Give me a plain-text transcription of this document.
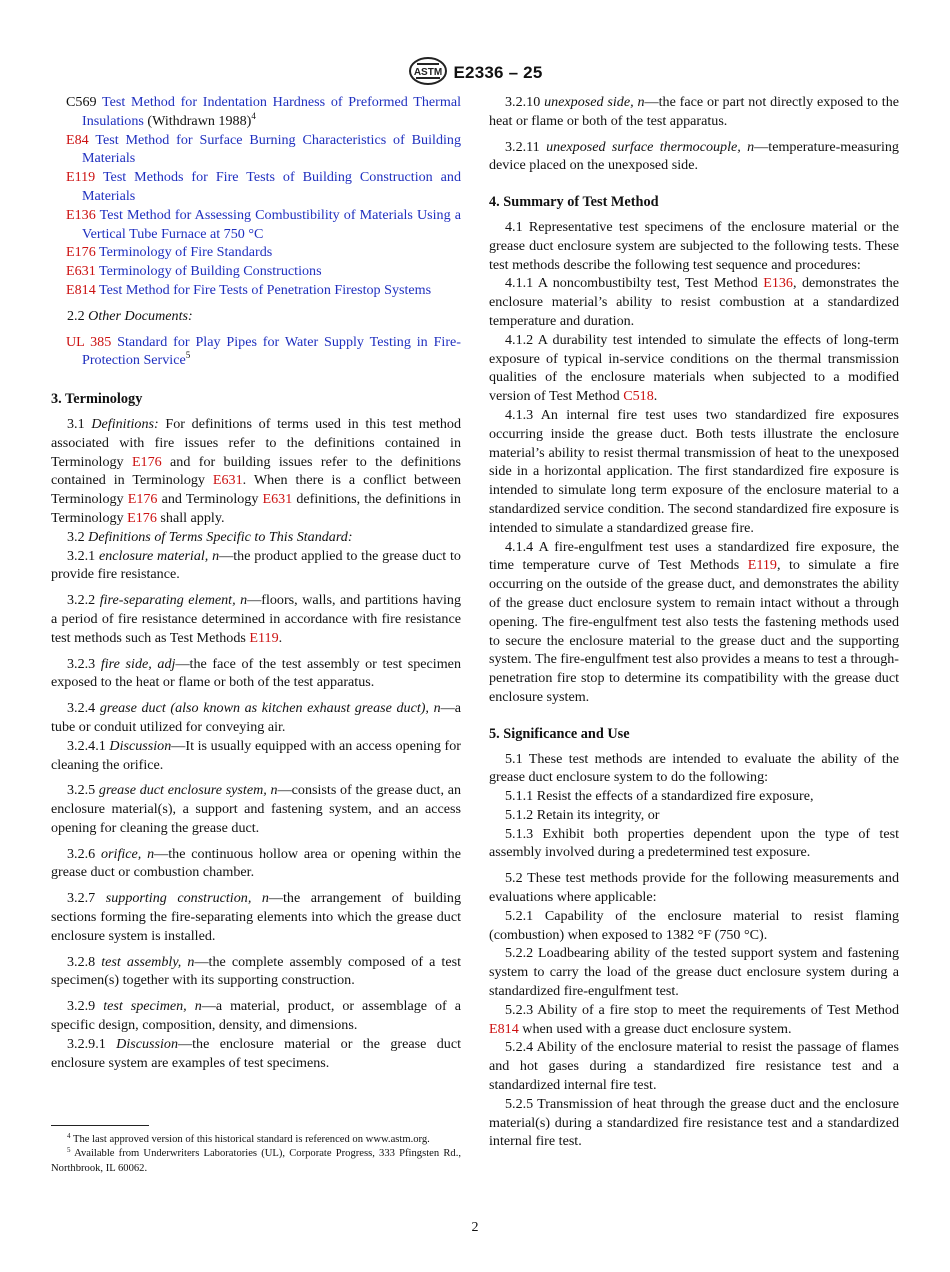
ASTM E2336 – 25

C569 Test Method for Indentation Hardness of Preformed Thermal Insulations (Withdrawn 1988)$^4$

E84 Test Method for Surface Burning Characteristics of Building Materials

E119 Test Methods for Fire Tests of Building Construction and Materials

E136 Test Method for Assessing Combustibility of Materials Using a Vertical Tube Furnace at 750 °C

E176 Terminology of Fire Standards

E631 Terminology of Building Constructions

E814 Test Method for Fire Tests of Penetration Firestop Systems

2.2 Other Documents:

UL 385 Standard for Play Pipes for Water Supply Testing in Fire-Protection Service$^5$

3. Terminology

3.1 Definitions: For definitions of terms used in this test method associated with fire issues refer to the definitions contained in Terminology E176 and for building issues refer to the definitions contained in Terminology E631. When there is a conflict between Terminology E176 and Terminology E631 definitions, the definitions in Terminology E176 shall apply.

3.2 Definitions of Terms Specific to This Standard:

3.2.1 enclosure material, n—the product applied to the grease duct to provide fire resistance.

3.2.2 fire-separating element, n—floors, walls, and partitions having a period of fire resistance determined in accordance with fire resistance test methods such as Test Methods E119.

3.2.3 fire side, adj—the face of the test assembly or test specimen exposed to the heat or flame or both of the test apparatus.

3.2.4 grease duct (also known as kitchen exhaust grease duct), n—a tube or conduit utilized for conveying air.

3.2.4.1 Discussion—It is usually equipped with an access opening for cleaning the orifice.

3.2.5 grease duct enclosure system, n—consists of the grease duct, an enclosure material(s), a support and fastening system, and an access opening for cleaning the grease duct.

3.2.6 orifice, n—the continuous hollow area or opening within the grease duct or combustion chamber.

3.2.7 supporting construction, n—the arrangement of building sections forming the fire-separating elements into which the grease duct enclosure system is installed.

3.2.8 test assembly, n—the complete assembly composed of a test specimen(s) together with its supporting construction.

3.2.9 test specimen, n—a material, product, or assemblage of a specific design, composition, density, and dimensions.

3.2.9.1 Discussion—the enclosure material or the grease duct enclosure system are examples of test specimens.

$^4$ The last approved version of this historical standard is referenced on www.astm.org.

$^5$ Available from Underwriters Laboratories (UL), Corporate Progress, 333 Pfingsten Rd., Northbrook, IL 60062.

3.2.10 unexposed side, n—the face or part not directly exposed to the heat or flame or both of the test apparatus.

3.2.11 unexposed surface thermocouple, n—temperature-measuring device placed on the unexposed side.

4. Summary of Test Method

4.1 Representative test specimens of the enclosure material or the grease duct enclosure system are subjected to the following tests. These test methods describe the following test sequence and procedures:

4.1.1 A noncombustibilty test, Test Method E136, demonstrates the enclosure material’s ability to resist combustion at a standardized temperature and duration.

4.1.2 A durability test intended to simulate the effects of long-term exposure of typical in-service conditions on the thermal transmission qualities of the enclosure materials when subjected to a modified version of Test Method C518.

4.1.3 An internal fire test uses two standardized fire exposures occurring inside the grease duct. Both tests illustrate the enclosure material’s ability to resist thermal transmission of heat to the unexposed side in a horizontal application. The first standardized fire exposure is intended to simulate long term exposure of the enclosure material to a standardized service condition. The second standardized fire exposure is intended to simulate a standardized grease fire.

4.1.4 A fire-engulfment test uses a standardized fire exposure, the time temperature curve of Test Methods E119, to simulate a fire occurring on the outside of the grease duct, and demonstrates the ability of the grease duct enclosure system to remain intact without a through opening. The fire-engulfment test also tests the fastening methods used to secure the enclosure material to the grease duct and the supporting system. The fire-engulfment test also provides a means to test a through-penetration fire stop to determine its compatibility with the grease duct enclosure system.

5. Significance and Use

5.1 These test methods are intended to evaluate the ability of the grease duct enclosure system to do the following:

5.1.1 Resist the effects of a standardized fire exposure,

5.1.2 Retain its integrity, or

5.1.3 Exhibit both properties dependent upon the type of test assembly involved during a predetermined test exposure.

5.2 These test methods provide for the following measurements and evaluations where applicable:

5.2.1 Capability of the enclosure material to resist flaming (combustion) when exposed to 1382 °F (750 °C).

5.2.2 Loadbearing ability of the tested support system and fastening system to carry the load of the grease duct enclosure system during a standardized fire-engulfment test.

5.2.3 Ability of a fire stop to meet the requirements of Test Method E814 when used with a grease duct enclosure system.

5.2.4 Ability of the enclosure material to resist the passage of flames and hot gases during a standardized fire resistance test and a standardized internal fire test.

5.2.5 Transmission of heat through the grease duct and the enclosure material(s) during a standardized fire resistance test and a standardized internal fire test.

2
